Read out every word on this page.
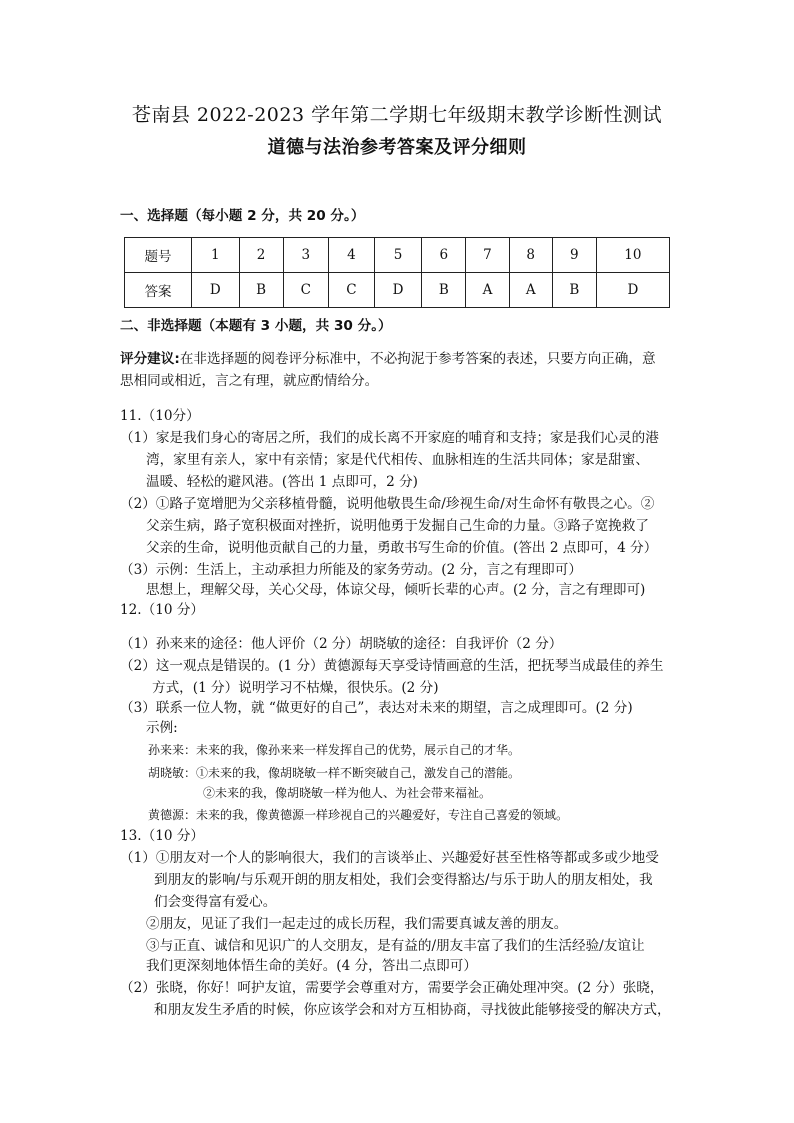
苍南县 2022-2023 学年第二学期七年级期末教学诊断性测试
道德与法治参考答案及评分细则
一、选择题（每小题 2 分，共 20 分。）
题号	1	2	3	4	5	6	7	8	9	10
答案	D	B	C	C	D	B	A	A	B	D
二、非选择题（本题有 3 小题，共 30 分。）
评分建议:在非选择题的阅卷评分标准中，不必拘泥于参考答案的表述，只要方向正确，意
思相同或相近，言之有理，就应酌情给分。
11.（10分）
（1）家是我们身心的寄居之所，我们的成长离不开家庭的哺育和支持；家是我们心灵的港
湾，家里有亲人，家中有亲情；家是代代相传、血脉相连的生活共同体；家是甜蜜、
温暖、轻松的避风港。(答出 1 点即可，2 分)
（2）①路子宽增肥为父亲移植骨髓，说明他敬畏生命/珍视生命/对生命怀有敬畏之心。②
父亲生病，路子宽积极面对挫折，说明他勇于发掘自己生命的力量。③路子宽挽救了
父亲的生命，说明他贡献自己的力量，勇敢书写生命的价值。(答出 2 点即可，4 分）
（3）示例：生活上，主动承担力所能及的家务劳动。(2 分，言之有理即可）
思想上，理解父母，关心父母，体谅父母，倾听长辈的心声。(2 分，言之有理即可)
12.（10 分）
（1）孙来来的途径：他人评价（2 分）胡晓敏的途径：自我评价（2 分）
（2）这一观点是错误的。(1 分）黄德源每天享受诗情画意的生活，把抚琴当成最佳的养生
方式，(1 分）说明学习不枯燥，很快乐。(2 分)
（3）联系一位人物，就 “做更好的自己”，表达对未来的期望，言之成理即可。(2 分)
示例:
孙来来：未来的我，像孙来来一样发挥自己的优势，展示自己的才华。
胡晓敏：①未来的我，像胡晓敏一样不断突破自己，激发自己的潜能。
②未来的我，像胡晓敏一样为他人、为社会带来福祉。
黄德源：未来的我，像黄德源一样珍视自己的兴趣爱好，专注自己喜爱的领域。
13.（10 分）
（1）①朋友对一个人的影响很大，我们的言谈举止、兴趣爱好甚至性格等都或多或少地受
到朋友的影响/与乐观开朗的朋友相处，我们会变得豁达/与乐于助人的朋友相处，我
们会变得富有爱心。
②朋友，见证了我们一起走过的成长历程，我们需要真诚友善的朋友。
③与正直、诚信和见识广的人交朋友，是有益的/朋友丰富了我们的生活经验/友谊让
我们更深刻地体悟生命的美好。(4 分，答出二点即可）
（2）张晓，你好！呵护友谊，需要学会尊重对方，需要学会正确处理冲突。(2 分）张晓，
和朋友发生矛盾的时候，你应该学会和对方互相协商，寻找彼此能够接受的解决方式，
